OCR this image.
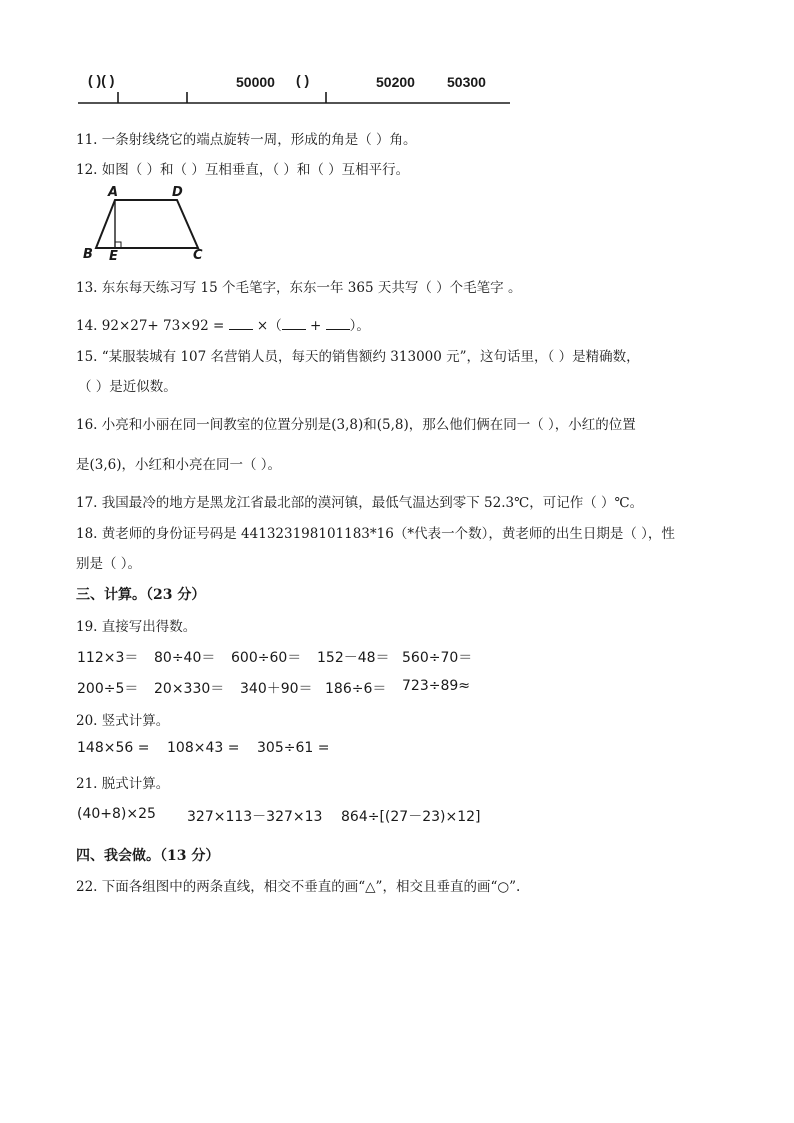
( )( )	50000 ( )	50200 50300
11. 一条射线绕它的端点旋转一周，形成的角是（ ）角。
12. 如图（ ）和（ ）互相垂直，（ ）和（ ）互相平行。
A	D
B E	C
13. 东东每天练习写 15 个毛笔字，东东一年 365 天共写（ ）个毛笔字 。
14. 92×27+ 73×92 =  ×（ + ）。
15. “某服装城有 107 名营销人员，每天的销售额约 313000 元”，这句话里，（ ）是精确数，
（ ）是近似数。
16. 小亮和小丽在同一间教室的位置分别是(3,8)和(5,8)，那么他们俩在同一（ ），小红的位置
是(3,6)，小红和小亮在同一（ ）。
17. 我国最冷的地方是黑龙江省最北部的漠河镇，最低气温达到零下 52.3℃，可记作（ ）℃。
18. 黄老师的身份证号码是 441323198101183*16（*代表一个数），黄老师的出生日期是（ ），性
别是（ ）。
三、计算。（23 分）
19. 直接写出得数。
112×3＝ 80÷40＝ 600÷60＝ 152－48＝ 560÷70＝
200÷5＝ 20×330＝ 340＋90＝ 186÷6＝ 723÷89≈
20. 竖式计算。
148×56 = 108×43 = 305÷61 =
21. 脱式计算。
(40+8)×25 327×113－327×13 864÷[(27－23)×12]
四、我会做。（13 分）
22. 下面各组图中的两条直线，相交不垂直的画“△”，相交且垂直的画“○”.
